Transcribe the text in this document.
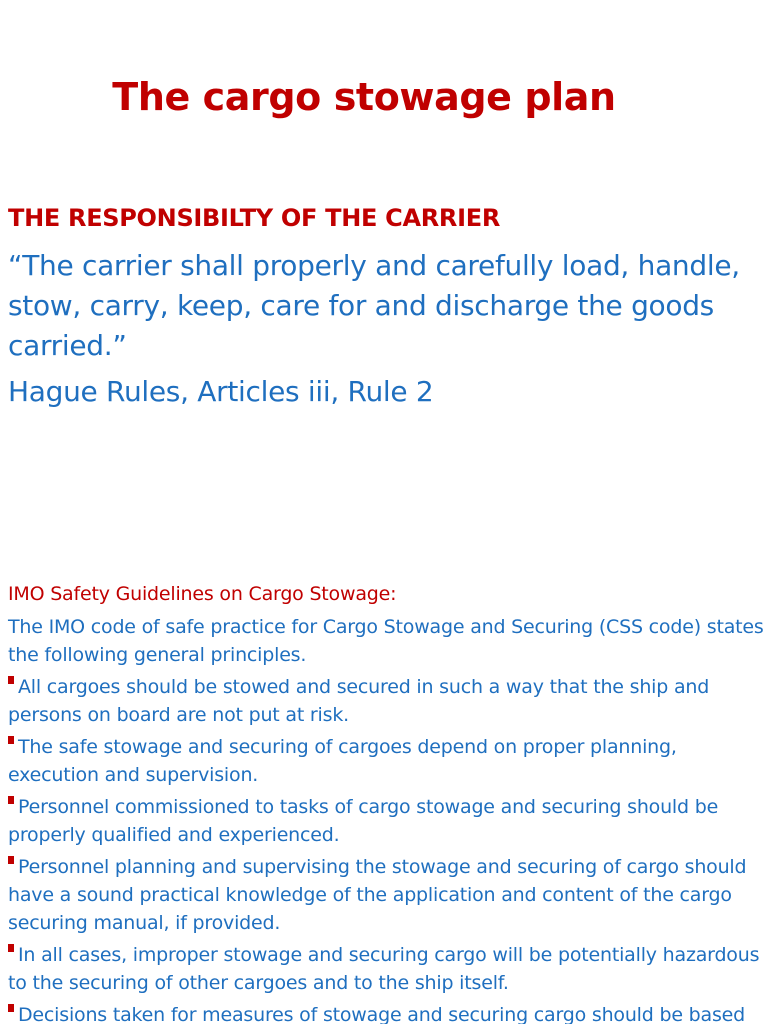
The cargo stowage plan
THE RESPONSIBILTY OF THE CARRIER

“The carrier shall properly and carefully load, handle, stow, carry, keep, care for and discharge the goods carried.”

Hague Rules, Articles iii, Rule 2

IMO Safety Guidelines on Cargo Stowage:

The IMO code of safe practice for Cargo Stowage and Securing (CSS code) states the following general principles.

All cargoes should be stowed and secured in such a way that the ship and persons on board are not put at risk.
The safe stowage and securing of cargoes depend on proper planning, execution and supervision.
Personnel commissioned to tasks of cargo stowage and securing should be properly qualified and experienced.
Personnel planning and supervising the stowage and securing of cargo should have a sound practical knowledge of the application and content of the cargo securing manual, if provided.
In all cases, improper stowage and securing cargo will be potentially hazardous to the securing of other cargoes and to the ship itself.
Decisions taken for measures of stowage and securing cargo should be based
